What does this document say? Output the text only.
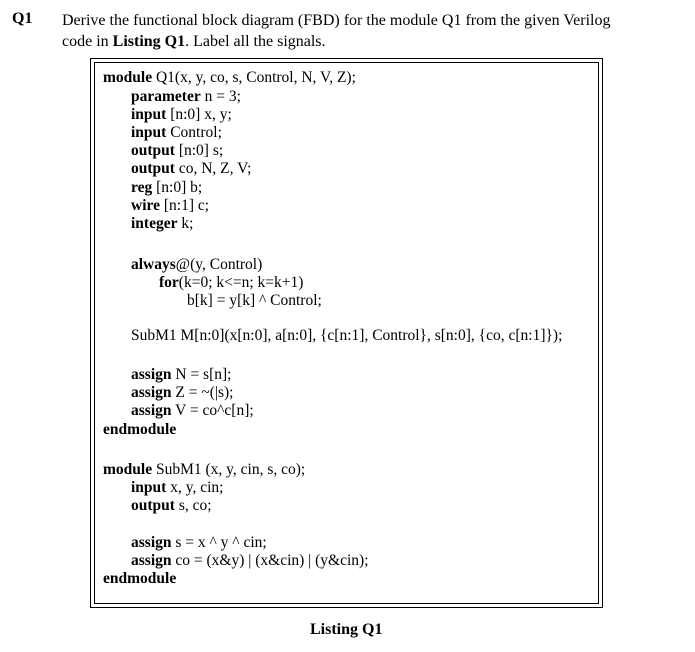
Q1 Derive the functional block diagram (FBD) for the module Q1 from the given Verilog
code in Listing Q1. Label all the signals.
module Q1(x, y, co, s, Control, N, V, Z);
parameter n = 3;
input [n:0] x, y;
input Control;
output [n:0] s;
output co, N, Z, V;
reg [n:0] b;
wire [n:1] c;
integer k;
always@(y, Control)
for(k=0; k<=n; k=k+1)
b[k] = y[k] ^ Control;
SubM1 M[n:0](x[n:0], a[n:0], {c[n:1], Control}, s[n:0], {co, c[n:1]});
assign N = s[n];
assign Z = ~(|s);
assign V = co^c[n];
endmodule
module SubM1 (x, y, cin, s, co);
input x, y, cin;
output s, co;
assign s = x ^ y ^ cin;
assign co = (x&y) | (x&cin) | (y&cin);
endmodule
Listing Q1
